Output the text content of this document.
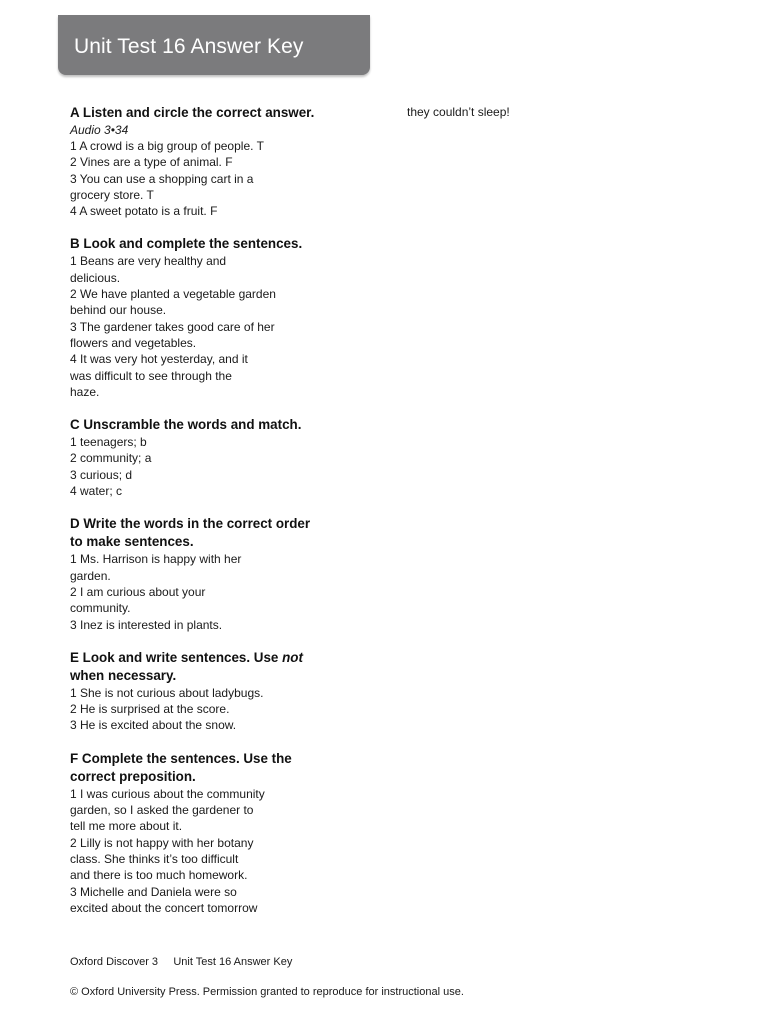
Unit Test 16 Answer Key

A Listen and circle the correct answer.

Audio 3•34
1 A crowd is a big group of people. T
2 Vines are a type of animal. F
3 You can use a shopping cart in a
grocery store. T
4 A sweet potato is a fruit. F

B Look and complete the sentences.

1 Beans are very healthy and
delicious.
2 We have planted a vegetable garden
behind our house.
3 The gardener takes good care of her
flowers and vegetables.
4 It was very hot yesterday, and it
was difficult to see through the
haze.

C Unscramble the words and match.

1 teenagers; b
2 community; a
3 curious; d
4 water; c

D Write the words in the correct order
to make sentences.

1 Ms. Harrison is happy with her
garden.
2 I am curious about your
community.
3 Inez is interested in plants.

E Look and write sentences. Use not
when necessary.

1 She is not curious about ladybugs.
2 He is surprised at the score.
3 He is excited about the snow.

F Complete the sentences. Use the
correct preposition.

1 I was curious about the community
garden, so I asked the gardener to
tell me more about it.
2 Lilly is not happy with her botany
class. She thinks it’s too difficult
and there is too much homework.
3 Michelle and Daniela were so
excited about the concert tomorrow
they couldn’t sleep!
Oxford Discover 3 Unit Test 16 Answer Key
© Oxford University Press. Permission granted to reproduce for instructional use.
